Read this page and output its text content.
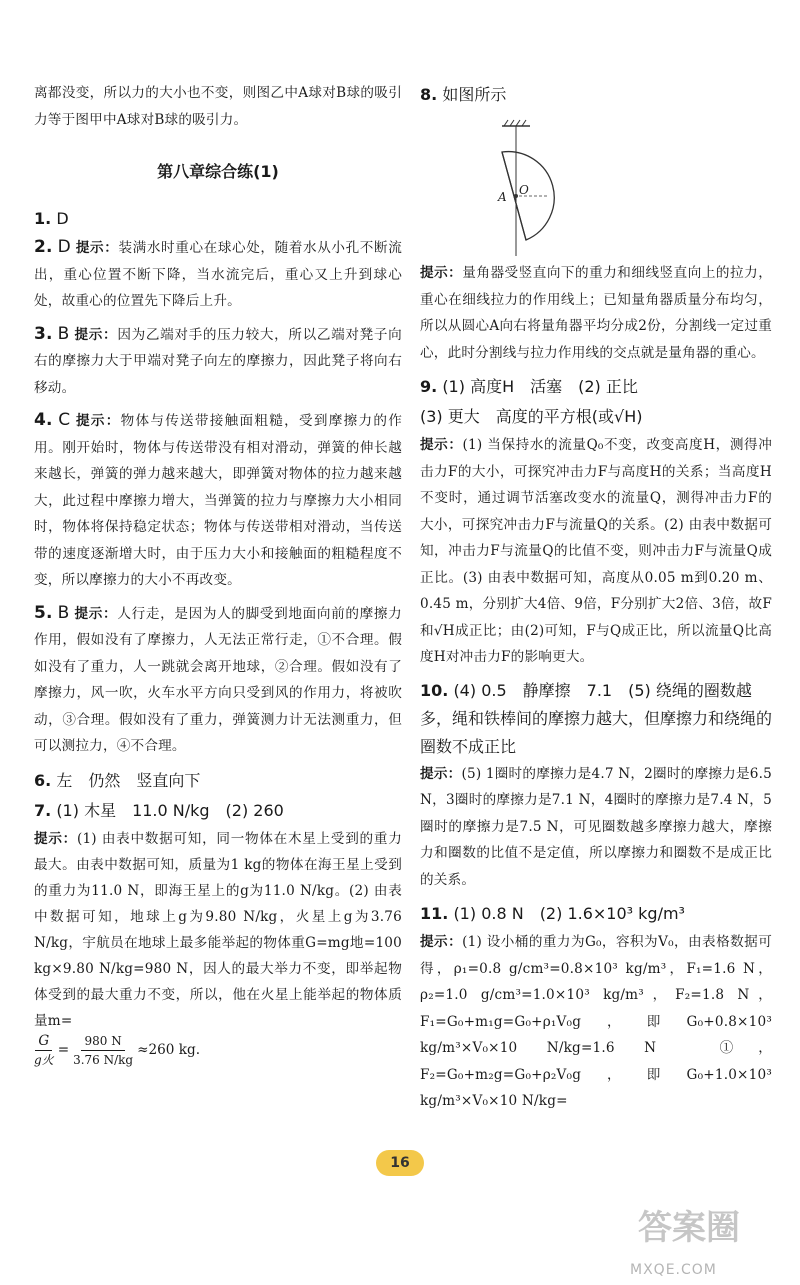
离都没变，所以力的大小也不变，则图乙中A球对B球的吸引力等于图甲中A球对B球的吸引力。

第八章综合练(1)
1. D

2. D 提示：装满水时重心在球心处，随着水从小孔不断流出，重心位置不断下降，当水流完后，重心又上升到球心处，故重心的位置先下降后上升。

3. B 提示：因为乙端对手的压力较大，所以乙端对凳子向右的摩擦力大于甲端对凳子向左的摩擦力，因此凳子将向右移动。

4. C 提示：物体与传送带接触面粗糙，受到摩擦力的作用。刚开始时，物体与传送带没有相对滑动，弹簧的伸长越来越长，弹簧的弹力越来越大，即弹簧对物体的拉力越来越大，此过程中摩擦力增大，当弹簧的拉力与摩擦力大小相同时，物体将保持稳定状态；物体与传送带相对滑动，当传送带的速度逐渐增大时，由于压力大小和接触面的粗糙程度不变，所以摩擦力的大小不再改变。

5. B 提示：人行走，是因为人的脚受到地面向前的摩擦力作用，假如没有了摩擦力，人无法正常行走，①不合理。假如没有了重力，人一跳就会离开地球，②合理。假如没有了摩擦力，风一吹，火车水平方向只受到风的作用力，将被吹动，③合理。假如没有了重力，弹簧测力计无法测重力，但可以测拉力，④不合理。

6. 左　仍然　竖直向下
7. (1) 木星　11.0 N/kg　(2) 260

提示：(1) 由表中数据可知，同一物体在木星上受到的重力最大。由表中数据可知，质量为1 kg的物体在海王星上受到的重力为11.0 N，即海王星上的g为11.0 N/kg。(2) 由表中数据可知，地球上g为9.80 N/kg，火星上g为3.76 N/kg，宇航员在地球上最多能举起的物体重G=mg地=100 kg×9.80 N/kg=980 N，因人的最大举力不变，即举起物体受到的最大重力不变，所以，他在火星上能举起的物体质量m=

G
g火
= $\frac{980 N}{3.76 N/kg} \approx 260$ kg.
8. 如图所示
A O

提示：量角器受竖直向下的重力和细线竖直向上的拉力，重心在细线拉力的作用线上；已知量角器质量分布均匀，所以从圆心A向右将量角器平均分成2份，分割线一定过重心，此时分割线与拉力作用线的交点就是量角器的重心。

9. (1) 高度H　活塞　(2) 正比
(3) 更大　高度的平方根(或√H)

提示：(1) 当保持水的流量Q₀不变，改变高度H，测得冲击力F的大小，可探究冲击力F与高度H的关系；当高度H不变时，通过调节活塞改变水的流量Q，测得冲击力F的大小，可探究冲击力F与流量Q的关系。(2) 由表中数据可知，冲击力F与流量Q的比值不变，则冲击力F与流量Q成正比。(3) 由表中数据可知，高度从0.05 m到0.20 m、0.45 m，分别扩大4倍、9倍，F分别扩大2倍、3倍，故F和√H成正比；由(2)可知，F与Q成正比，所以流量Q比高度H对冲击力F的影响更大。

10. (4) 0.5　静摩擦　7.1　(5) 绕绳的圈数越多，绳和铁棒间的摩擦力越大，但摩擦力和绕绳的圈数不成正比

提示：(5) 1圈时的摩擦力是4.7 N，2圈时的摩擦力是6.5 N，3圈时的摩擦力是7.1 N，4圈时的摩擦力是7.4 N，5圈时的摩擦力是7.5 N，可见圈数越多摩擦力越大，摩擦力和圈数的比值不是定值，所以摩擦力和圈数不是成正比的关系。

11. (1) 0.8 N　(2) 1.6×10³ kg/m³

提示：(1) 设小桶的重力为G₀，容积为V₀，由表格数据可得，ρ₁=0.8 g/cm³=0.8×10³ kg/m³，F₁=1.6 N，ρ₂=1.0 g/cm³=1.0×10³ kg/m³，F₂=1.8 N，F₁=G₀+m₁g=G₀+ρ₁V₀g，即G₀+0.8×10³ kg/m³×V₀×10 N/kg=1.6 N　①，F₂=G₀+m₂g=G₀+ρ₂V₀g，即G₀+1.0×10³ kg/m³×V₀×10 N/kg=

16
答案圈
MXQE.COM
